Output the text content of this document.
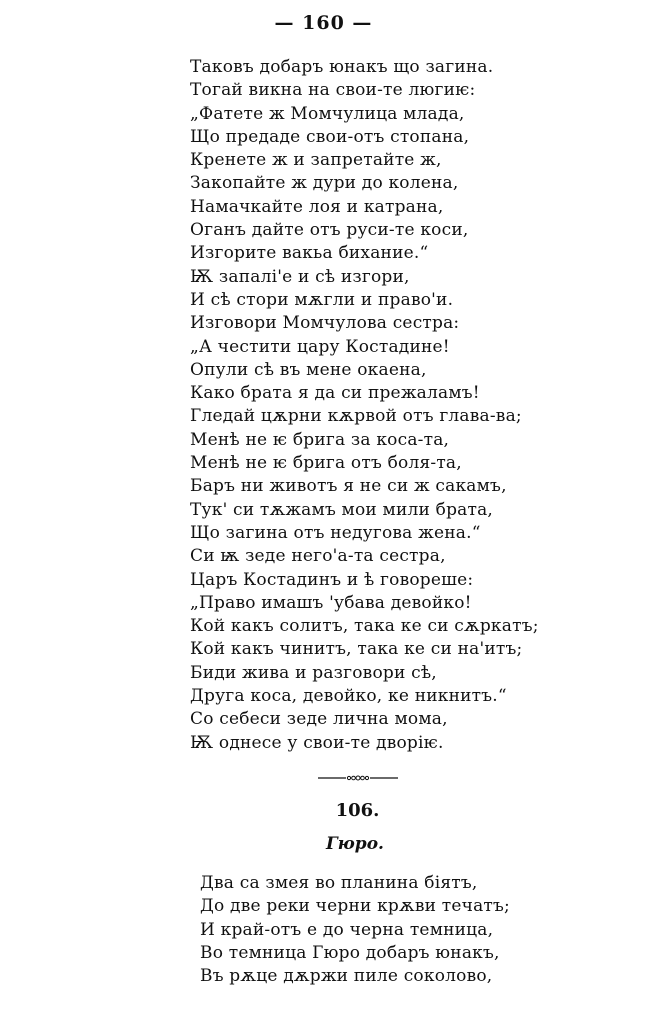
— 160 —
Таковъ добаръ юнакъ що загина.
Тогай викна на свои-те люгиѥ:
„Фатете ж Момчулица млада,
Що предаде свои-отъ стопана,
Кренете ж и запретайте ж,
Закопайте ж дури до колена,
Намачкайте лоя и катрана,
Оганъ дайте отъ руси-те коси,
Изгорите вакьа бихание.“
Ѭ запалі'е и сѣ изгори,
И сѣ стори мѫгли и право'и.
Изговори Момчулова сестра:
„А честити цару Костадине!
Опули сѣ въ мене окаена,
Како брата я да си прежаламъ!
Гледай цѫрни кѫрвой отъ глава-ва;
Менѣ не ѥ брига за коса-та,
Менѣ не ѥ брига отъ боля-та,
Баръ ни животъ я не си ж сакамъ,
Тук' си тѫжамъ мои мили брата,
Що загина отъ недугова жена.“
Си ѭ зеде него'а-та сестра,
Царъ Костадинъ и ѣ говореше:
„Право имашъ 'убава девойко!
Кой какъ солитъ, така ке си сѫркатъ;
Кой какъ чинитъ, така ке си на'итъ;
Биди жива и разговори сѣ,
Друга коса, девойко, ке никнитъ.“
Со себеси зеде лична мома,
Ѭ однесе у свои-те дворіѥ.
106.
Гюро.
Два са змея во планина біятъ,
До две реки черни крѫви течатъ;
И край-отъ е до черна темница,
Во темница Гюро добаръ юнакъ,
Въ рѫце дѫржи пиле соколово,
